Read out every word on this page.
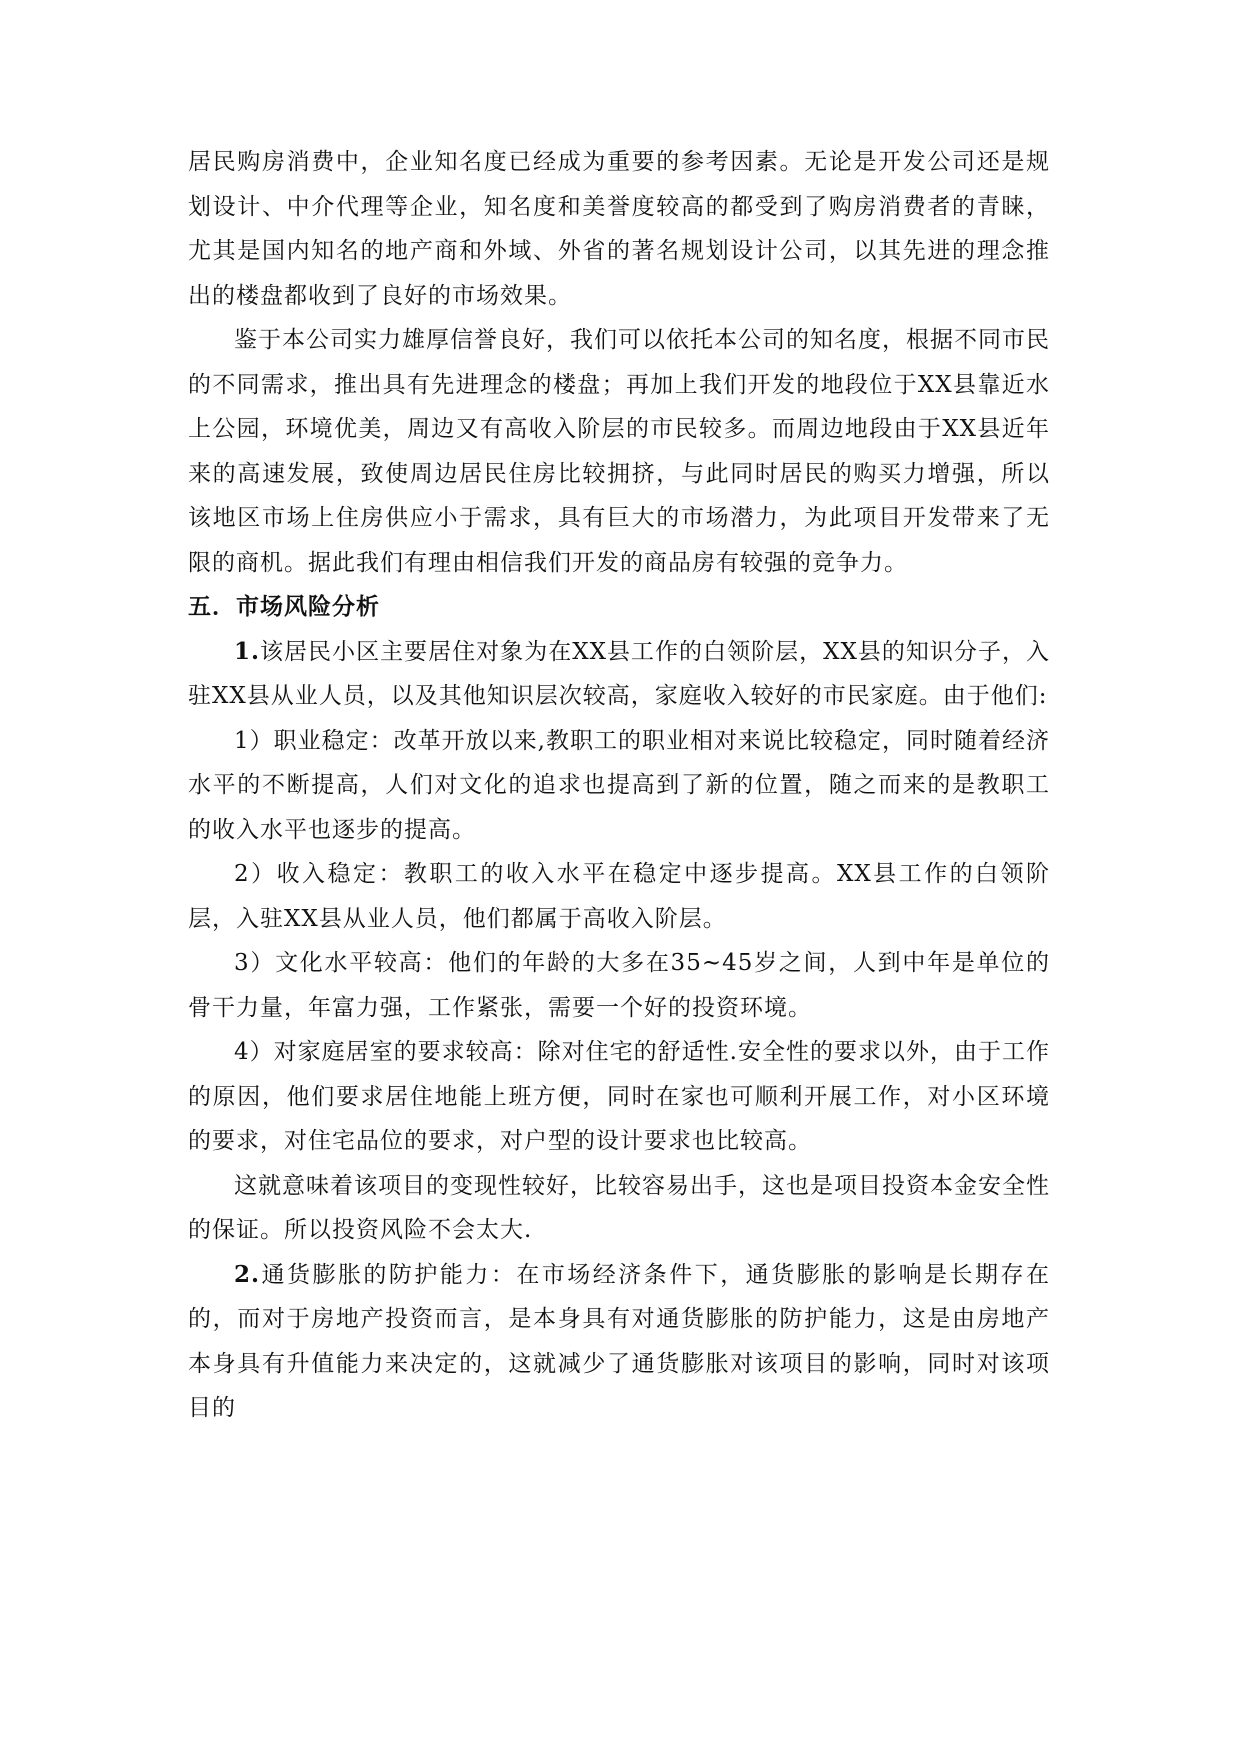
居民购房消费中，企业知名度已经成为重要的参考因素。无论是开发公司还是规划设计、中介代理等企业，知名度和美誉度较高的都受到了购房消费者的青睐，尤其是国内知名的地产商和外域、外省的著名规划设计公司，以其先进的理念推出的楼盘都收到了良好的市场效果。

鉴于本公司实力雄厚信誉良好，我们可以依托本公司的知名度，根据不同市民的不同需求，推出具有先进理念的楼盘；再加上我们开发的地段位于XX县靠近水上公园，环境优美，周边又有高收入阶层的市民较多。而周边地段由于XX县近年来的高速发展，致使周边居民住房比较拥挤，与此同时居民的购买力增强，所以该地区市场上住房供应小于需求，具有巨大的市场潜力，为此项目开发带来了无限的商机。据此我们有理由相信我们开发的商品房有较强的竞争力。

五．市场风险分析

1.该居民小区主要居住对象为在XX县工作的白领阶层，XX县的知识分子，入驻XX县从业人员，以及其他知识层次较高，家庭收入较好的市民家庭。由于他们:

1）职业稳定：改革开放以来,教职工的职业相对来说比较稳定，同时随着经济水平的不断提高，人们对文化的追求也提高到了新的位置，随之而来的是教职工的收入水平也逐步的提高。

2）收入稳定：教职工的收入水平在稳定中逐步提高。XX县工作的白领阶层，入驻XX县从业人员，他们都属于高收入阶层。

3）文化水平较高：他们的年龄的大多在35~45岁之间，人到中年是单位的骨干力量，年富力强，工作紧张，需要一个好的投资环境。

4）对家庭居室的要求较高：除对住宅的舒适性.安全性的要求以外，由于工作的原因，他们要求居住地能上班方便，同时在家也可顺利开展工作，对小区环境的要求，对住宅品位的要求，对户型的设计要求也比较高。

这就意味着该项目的变现性较好，比较容易出手，这也是项目投资本金安全性的保证。所以投资风险不会太大.

2.通货膨胀的防护能力：在市场经济条件下，通货膨胀的影响是长期存在的，而对于房地产投资而言，是本身具有对通货膨胀的防护能力，这是由房地产本身具有升值能力来决定的，这就减少了通货膨胀对该项目的影响，同时对该项目的
